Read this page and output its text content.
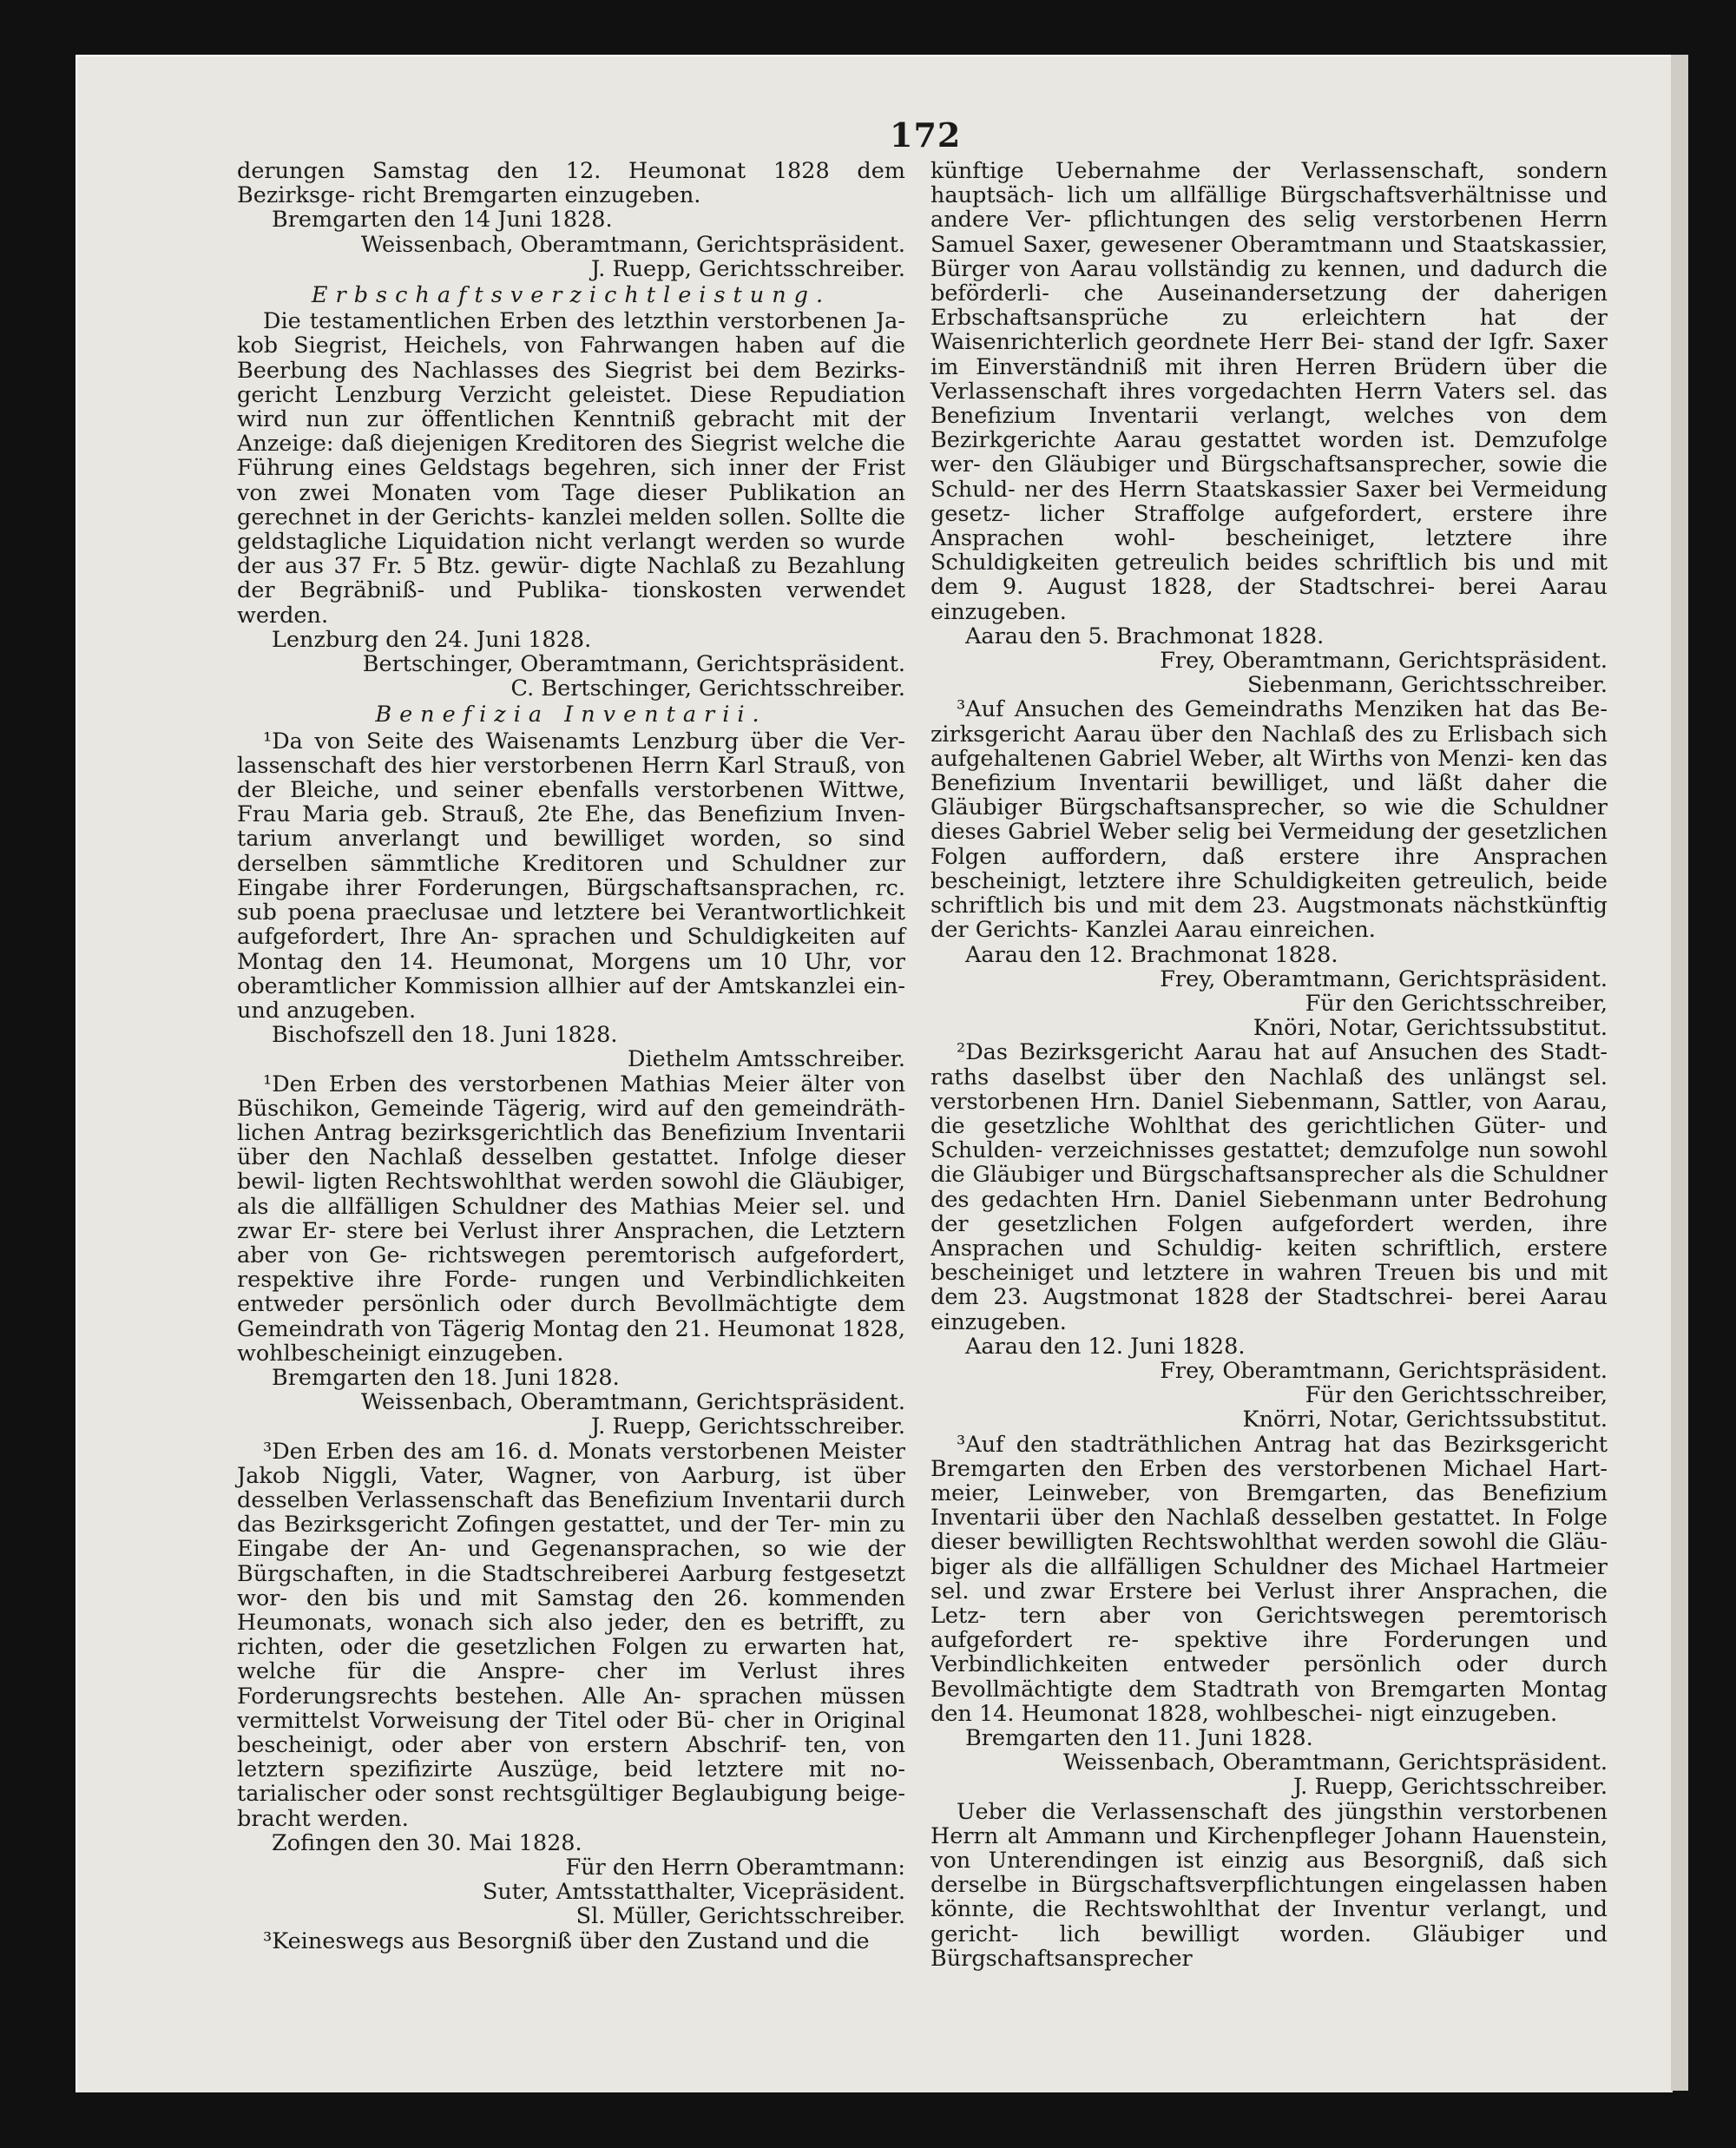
172

derungen Samstag den 12. Heumonat 1828 dem Bezirksge- richt Bremgarten einzugeben.

Bremgarten den 14 Juni 1828.

Weissenbach, Oberamtmann, Gerichtspräsident.

J. Ruepp, Gerichtsschreiber.

Erbschaftsverzichtleistung.

Die testamentlichen Erben des letzthin verstorbenen Ja- kob Siegrist, Heichels, von Fahrwangen haben auf die Beerbung des Nachlasses des Siegrist bei dem Bezirks- gericht Lenzburg Verzicht geleistet. Diese Repudiation wird nun zur öffentlichen Kenntniß gebracht mit der Anzeige: daß diejenigen Kreditoren des Siegrist welche die Führung eines Geldstags begehren, sich inner der Frist von zwei Monaten vom Tage dieser Publikation an gerechnet in der Gerichts- kanzlei melden sollen. Sollte die geldstagliche Liquidation nicht verlangt werden so wurde der aus 37 Fr. 5 Btz. gewür- digte Nachlaß zu Bezahlung der Begräbniß- und Publika- tionskosten verwendet werden.

Lenzburg den 24. Juni 1828.

Bertschinger, Oberamtmann, Gerichtspräsident.

C. Bertschinger, Gerichtsschreiber.

Benefizia Inventarii.

¹Da von Seite des Waisenamts Lenzburg über die Ver- lassenschaft des hier verstorbenen Herrn Karl Strauß, von der Bleiche, und seiner ebenfalls verstorbenen Wittwe, Frau Maria geb. Strauß, 2te Ehe, das Benefizium Inven- tarium anverlangt und bewilliget worden, so sind derselben sämmtliche Kreditoren und Schuldner zur Eingabe ihrer Forderungen, Bürgschaftsansprachen, rc. sub poena praeclusae und letztere bei Verantwortlichkeit aufgefordert, Ihre An- sprachen und Schuldigkeiten auf Montag den 14. Heumonat, Morgens um 10 Uhr, vor oberamtlicher Kommission allhier auf der Amtskanzlei ein- und anzugeben.

Bischofszell den 18. Juni 1828.

Diethelm Amtsschreiber.

¹Den Erben des verstorbenen Mathias Meier älter von Büschikon, Gemeinde Tägerig, wird auf den gemeindräth- lichen Antrag bezirksgerichtlich das Benefizium Inventarii über den Nachlaß desselben gestattet. Infolge dieser bewil- ligten Rechtswohlthat werden sowohl die Gläubiger, als die allfälligen Schuldner des Mathias Meier sel. und zwar Er- stere bei Verlust ihrer Ansprachen, die Letztern aber von Ge- richtswegen peremtorisch aufgefordert, respektive ihre Forde- rungen und Verbindlichkeiten entweder persönlich oder durch Bevollmächtigte dem Gemeindrath von Tägerig Montag den 21. Heumonat 1828, wohlbescheinigt einzugeben.

Bremgarten den 18. Juni 1828.

Weissenbach, Oberamtmann, Gerichtspräsident.

J. Ruepp, Gerichtsschreiber.

³Den Erben des am 16. d. Monats verstorbenen Meister Jakob Niggli, Vater, Wagner, von Aarburg, ist über desselben Verlassenschaft das Benefizium Inventarii durch das Bezirksgericht Zofingen gestattet, und der Ter- min zu Eingabe der An- und Gegenansprachen, so wie der Bürgschaften, in die Stadtschreiberei Aarburg festgesetzt wor- den bis und mit Samstag den 26. kommenden Heumonats, wonach sich also jeder, den es betrifft, zu richten, oder die gesetzlichen Folgen zu erwarten hat, welche für die Anspre- cher im Verlust ihres Forderungsrechts bestehen. Alle An- sprachen müssen vermittelst Vorweisung der Titel oder Bü- cher in Original bescheinigt, oder aber von erstern Abschrif- ten, von letztern spezifizirte Auszüge, beid letztere mit no- tarialischer oder sonst rechtsgültiger Beglaubigung beige- bracht werden.

Zofingen den 30. Mai 1828.

Für den Herrn Oberamtmann:

Suter, Amtsstatthalter, Vicepräsident.

Sl. Müller, Gerichtsschreiber.

³Keineswegs aus Besorgniß über den Zustand und die

künftige Uebernahme der Verlassenschaft, sondern hauptsäch- lich um allfällige Bürgschaftsverhältnisse und andere Ver- pflichtungen des selig verstorbenen Herrn Samuel Saxer, gewesener Oberamtmann und Staatskassier, Bürger von Aarau vollständig zu kennen, und dadurch die beförderli- che Auseinandersetzung der daherigen Erbschaftsansprüche zu erleichtern hat der Waisenrichterlich geordnete Herr Bei- stand der Igfr. Saxer im Einverständniß mit ihren Herren Brüdern über die Verlassenschaft ihres vorgedachten Herrn Vaters sel. das Benefizium Inventarii verlangt, welches von dem Bezirkgerichte Aarau gestattet worden ist. Demzufolge wer- den Gläubiger und Bürgschaftsansprecher, sowie die Schuld- ner des Herrn Staatskassier Saxer bei Vermeidung gesetz- licher Straffolge aufgefordert, erstere ihre Ansprachen wohl- bescheiniget, letztere ihre Schuldigkeiten getreulich beides schriftlich bis und mit dem 9. August 1828, der Stadtschrei- berei Aarau einzugeben.

Aarau den 5. Brachmonat 1828.

Frey, Oberamtmann, Gerichtspräsident.

Siebenmann, Gerichtsschreiber.

³Auf Ansuchen des Gemeindraths Menziken hat das Be- zirksgericht Aarau über den Nachlaß des zu Erlisbach sich aufgehaltenen Gabriel Weber, alt Wirths von Menzi- ken das Benefizium Inventarii bewilliget, und läßt daher die Gläubiger Bürgschaftsansprecher, so wie die Schuldner dieses Gabriel Weber selig bei Vermeidung der gesetzlichen Folgen auffordern, daß erstere ihre Ansprachen bescheinigt, letztere ihre Schuldigkeiten getreulich, beide schriftlich bis und mit dem 23. Augstmonats nächstkünftig der Gerichts- Kanzlei Aarau einreichen.

Aarau den 12. Brachmonat 1828.

Frey, Oberamtmann, Gerichtspräsident.

Für den Gerichtsschreiber,

Knöri, Notar, Gerichtssubstitut.

²Das Bezirksgericht Aarau hat auf Ansuchen des Stadt- raths daselbst über den Nachlaß des unlängst sel. verstorbenen Hrn. Daniel Siebenmann, Sattler, von Aarau, die gesetzliche Wohlthat des gerichtlichen Güter- und Schulden- verzeichnisses gestattet; demzufolge nun sowohl die Gläubiger und Bürgschaftsansprecher als die Schuldner des gedachten Hrn. Daniel Siebenmann unter Bedrohung der gesetzlichen Folgen aufgefordert werden, ihre Ansprachen und Schuldig- keiten schriftlich, erstere bescheiniget und letztere in wahren Treuen bis und mit dem 23. Augstmonat 1828 der Stadtschrei- berei Aarau einzugeben.

Aarau den 12. Juni 1828.

Frey, Oberamtmann, Gerichtspräsident.

Für den Gerichtsschreiber,

Knörri, Notar, Gerichtssubstitut.

³Auf den stadträthlichen Antrag hat das Bezirksgericht Bremgarten den Erben des verstorbenen Michael Hart- meier, Leinweber, von Bremgarten, das Benefizium Inventarii über den Nachlaß desselben gestattet. In Folge dieser bewilligten Rechtswohlthat werden sowohl die Gläu- biger als die allfälligen Schuldner des Michael Hartmeier sel. und zwar Erstere bei Verlust ihrer Ansprachen, die Letz- tern aber von Gerichtswegen peremtorisch aufgefordert re- spektive ihre Forderungen und Verbindlichkeiten entweder persönlich oder durch Bevollmächtigte dem Stadtrath von Bremgarten Montag den 14. Heumonat 1828, wohlbeschei- nigt einzugeben.

Bremgarten den 11. Juni 1828.

Weissenbach, Oberamtmann, Gerichtspräsident.

J. Ruepp, Gerichtsschreiber.

Ueber die Verlassenschaft des jüngsthin verstorbenen Herrn alt Ammann und Kirchenpfleger Johann Hauenstein, von Unterendingen ist einzig aus Besorgniß, daß sich derselbe in Bürgschaftsverpflichtungen eingelassen haben könnte, die Rechtswohlthat der Inventur verlangt, und gericht- lich bewilligt worden. Gläubiger und Bürgschaftsansprecher
